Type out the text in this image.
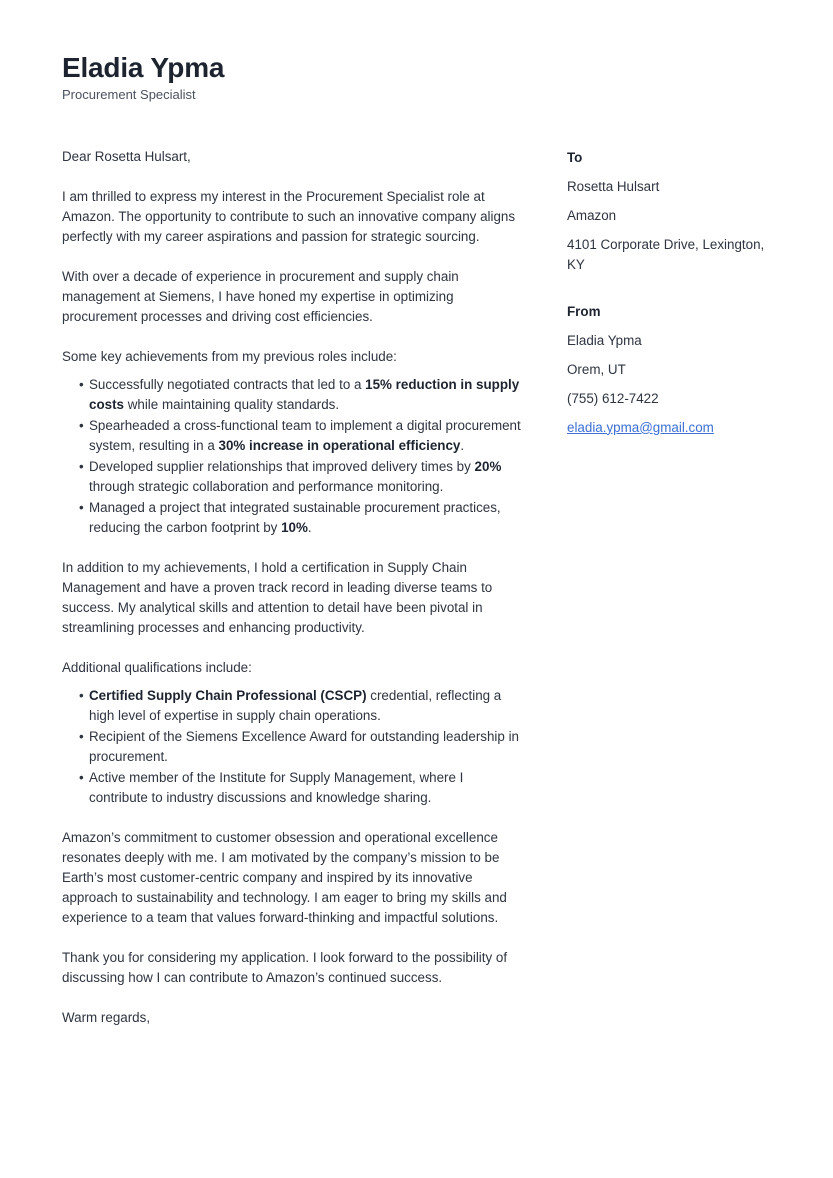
Eladia Ypma
Procurement Specialist

Dear Rosetta Hulsart,

I am thrilled to express my interest in the Procurement Specialist role at Amazon. The opportunity to contribute to such an innovative company aligns perfectly with my career aspirations and passion for strategic sourcing.

With over a decade of experience in procurement and supply chain management at Siemens, I have honed my expertise in optimizing procurement processes and driving cost efficiencies.

Some key achievements from my previous roles include:

• Successfully negotiated contracts that led to a 15% reduction in supply costs while maintaining quality standards.
• Spearheaded a cross-functional team to implement a digital procurement system, resulting in a 30% increase in operational efficiency.
• Developed supplier relationships that improved delivery times by 20% through strategic collaboration and performance monitoring.
• Managed a project that integrated sustainable procurement practices, reducing the carbon footprint by 10%.

In addition to my achievements, I hold a certification in Supply Chain Management and have a proven track record in leading diverse teams to success. My analytical skills and attention to detail have been pivotal in streamlining processes and enhancing productivity.

Additional qualifications include:

• Certified Supply Chain Professional (CSCP) credential, reflecting a high level of expertise in supply chain operations.
• Recipient of the Siemens Excellence Award for outstanding leadership in procurement.
• Active member of the Institute for Supply Management, where I contribute to industry discussions and knowledge sharing.

Amazon’s commitment to customer obsession and operational excellence resonates deeply with me. I am motivated by the company’s mission to be Earth’s most customer-centric company and inspired by its innovative approach to sustainability and technology. I am eager to bring my skills and experience to a team that values forward-thinking and impactful solutions.

Thank you for considering my application. I look forward to the possibility of discussing how I can contribute to Amazon’s continued success.

Warm regards,

To
Rosetta Hulsart
Amazon
4101 Corporate Drive, Lexington, KY
From
Eladia Ypma
Orem, UT
(755) 612-7422
eladia.ypma@gmail.com
